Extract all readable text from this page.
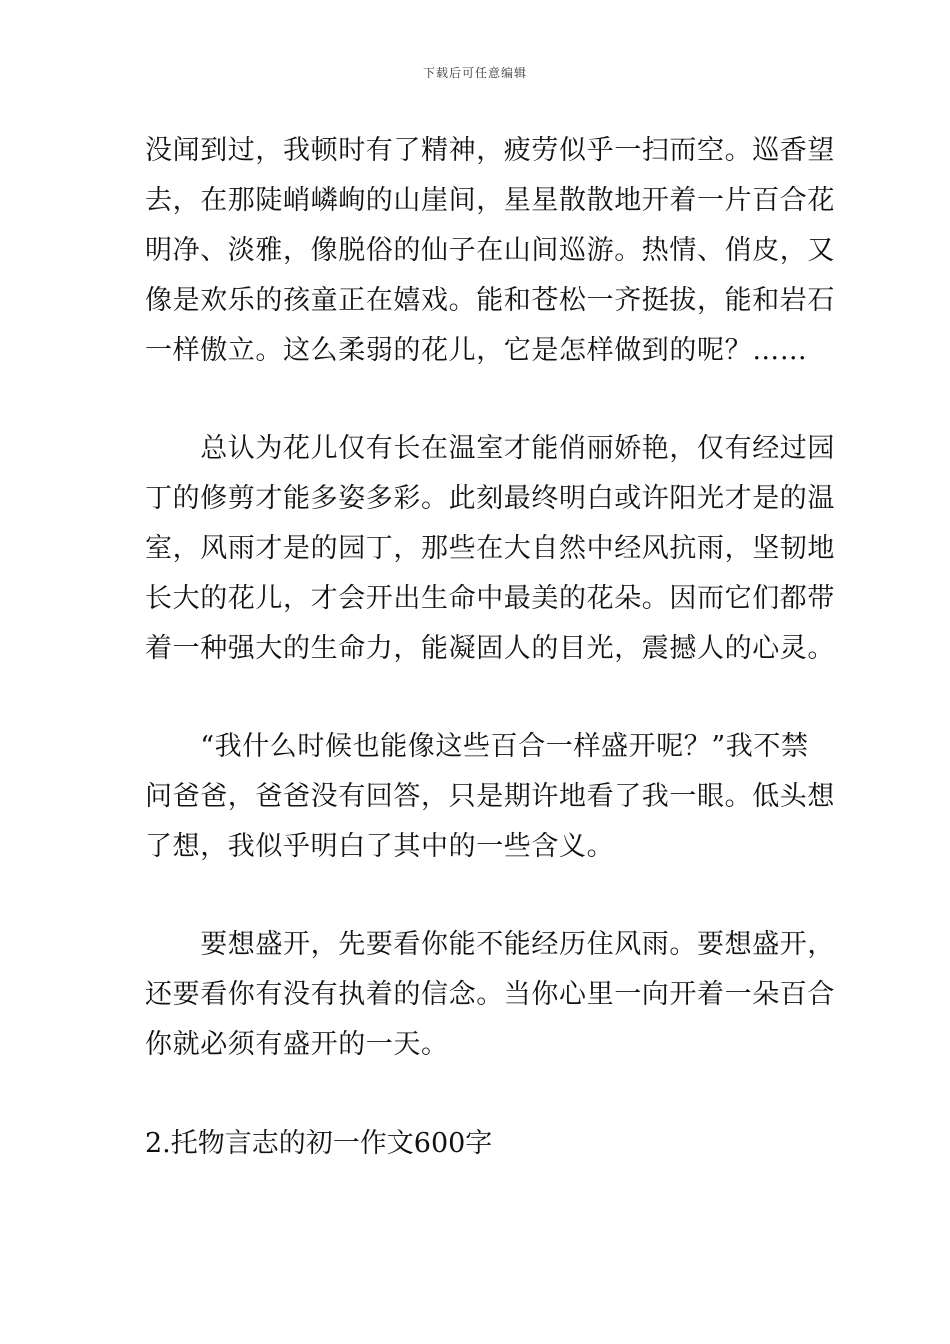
下载后可任意编辑
没闻到过，我顿时有了精神，疲劳似乎一扫而空。巡香望
去，在那陡峭嶙峋的山崖间，星星散散地开着一片百合花
明净、淡雅，像脱俗的仙子在山间巡游。热情、俏皮，又
像是欢乐的孩童正在嬉戏。能和苍松一齐挺拔，能和岩石
一样傲立。这么柔弱的花儿，它是怎样做到的呢？……
　　总认为花儿仅有长在温室才能俏丽娇艳，仅有经过园
丁的修剪才能多姿多彩。此刻最终明白或许阳光才是的温
室，风雨才是的园丁，那些在大自然中经风抗雨，坚韧地
长大的花儿，才会开出生命中最美的花朵。因而它们都带
着一种强大的生命力，能凝固人的目光，震撼人的心灵。
　　“我什么时候也能像这些百合一样盛开呢？”我不禁
问爸爸，爸爸没有回答，只是期许地看了我一眼。低头想
了想，我似乎明白了其中的一些含义。
　　要想盛开，先要看你能不能经历住风雨。要想盛开，
还要看你有没有执着的信念。当你心里一向开着一朵百合
你就必须有盛开的一天。
2.托物言志的初一作文600字
